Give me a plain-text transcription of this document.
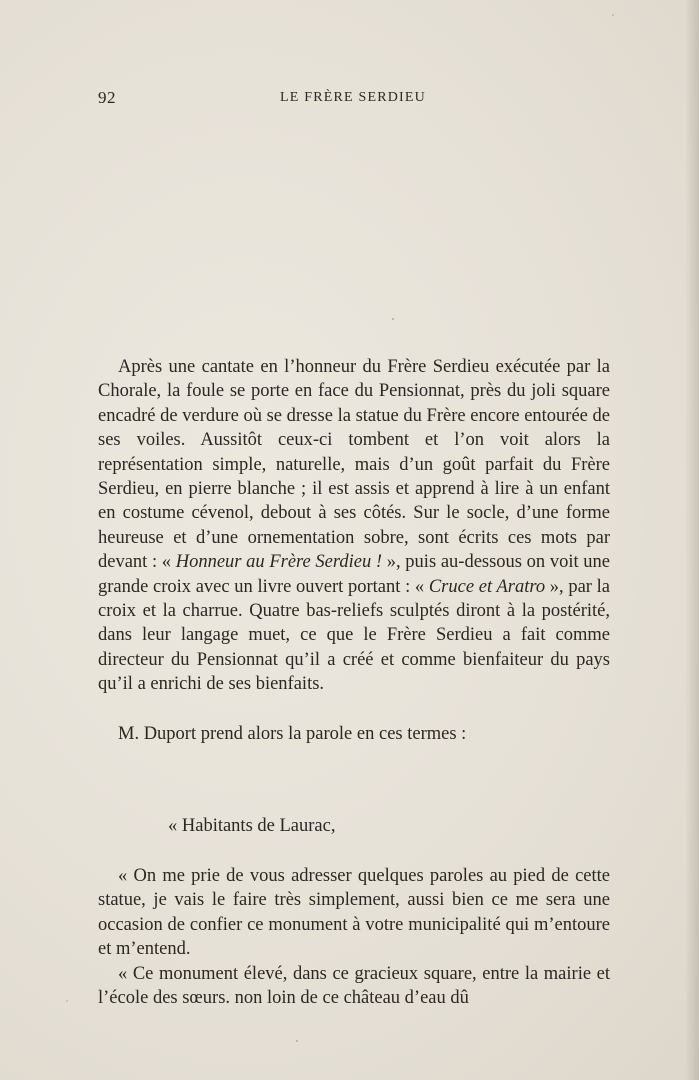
92	LE FRÈRE SERDIEU

Après une cantate en l’honneur du Frère Serdieu exécutée par la Chorale, la foule se porte en face du Pensionnat, près du joli square encadré de verdure où se dresse la statue du Frère encore entourée de ses voiles. Aussitôt ceux-ci tombent et l’on voit alors la représentation simple, naturelle, mais d’un goût parfait du Frère Serdieu, en pierre blanche ; il est assis et apprend à lire à un enfant en costume cévenol, debout à ses côtés. Sur le socle, d’une forme heureuse et d’une ornementation sobre, sont écrits ces mots par devant : « Honneur au Frère Serdieu ! », puis au-dessous on voit une grande croix avec un livre ouvert portant : « Cruce et Aratro », par la croix et la charrue. Quatre bas-reliefs sculptés diront à la postérité, dans leur langage muet, ce que le Frère Serdieu a fait comme directeur du Pensionnat qu’il a créé et comme bienfaiteur du pays qu’il a enrichi de ses bienfaits.

M. Duport prend alors la parole en ces termes :

« Habitants de Laurac,

« On me prie de vous adresser quelques paroles au pied de cette statue, je vais le faire très simplement, aussi bien ce me sera une occasion de confier ce monument à votre municipalité qui m’entoure et m’entend.

« Ce monument élevé, dans ce gracieux square, entre la mairie et l’école des sœurs. non loin de ce château d’eau dû
